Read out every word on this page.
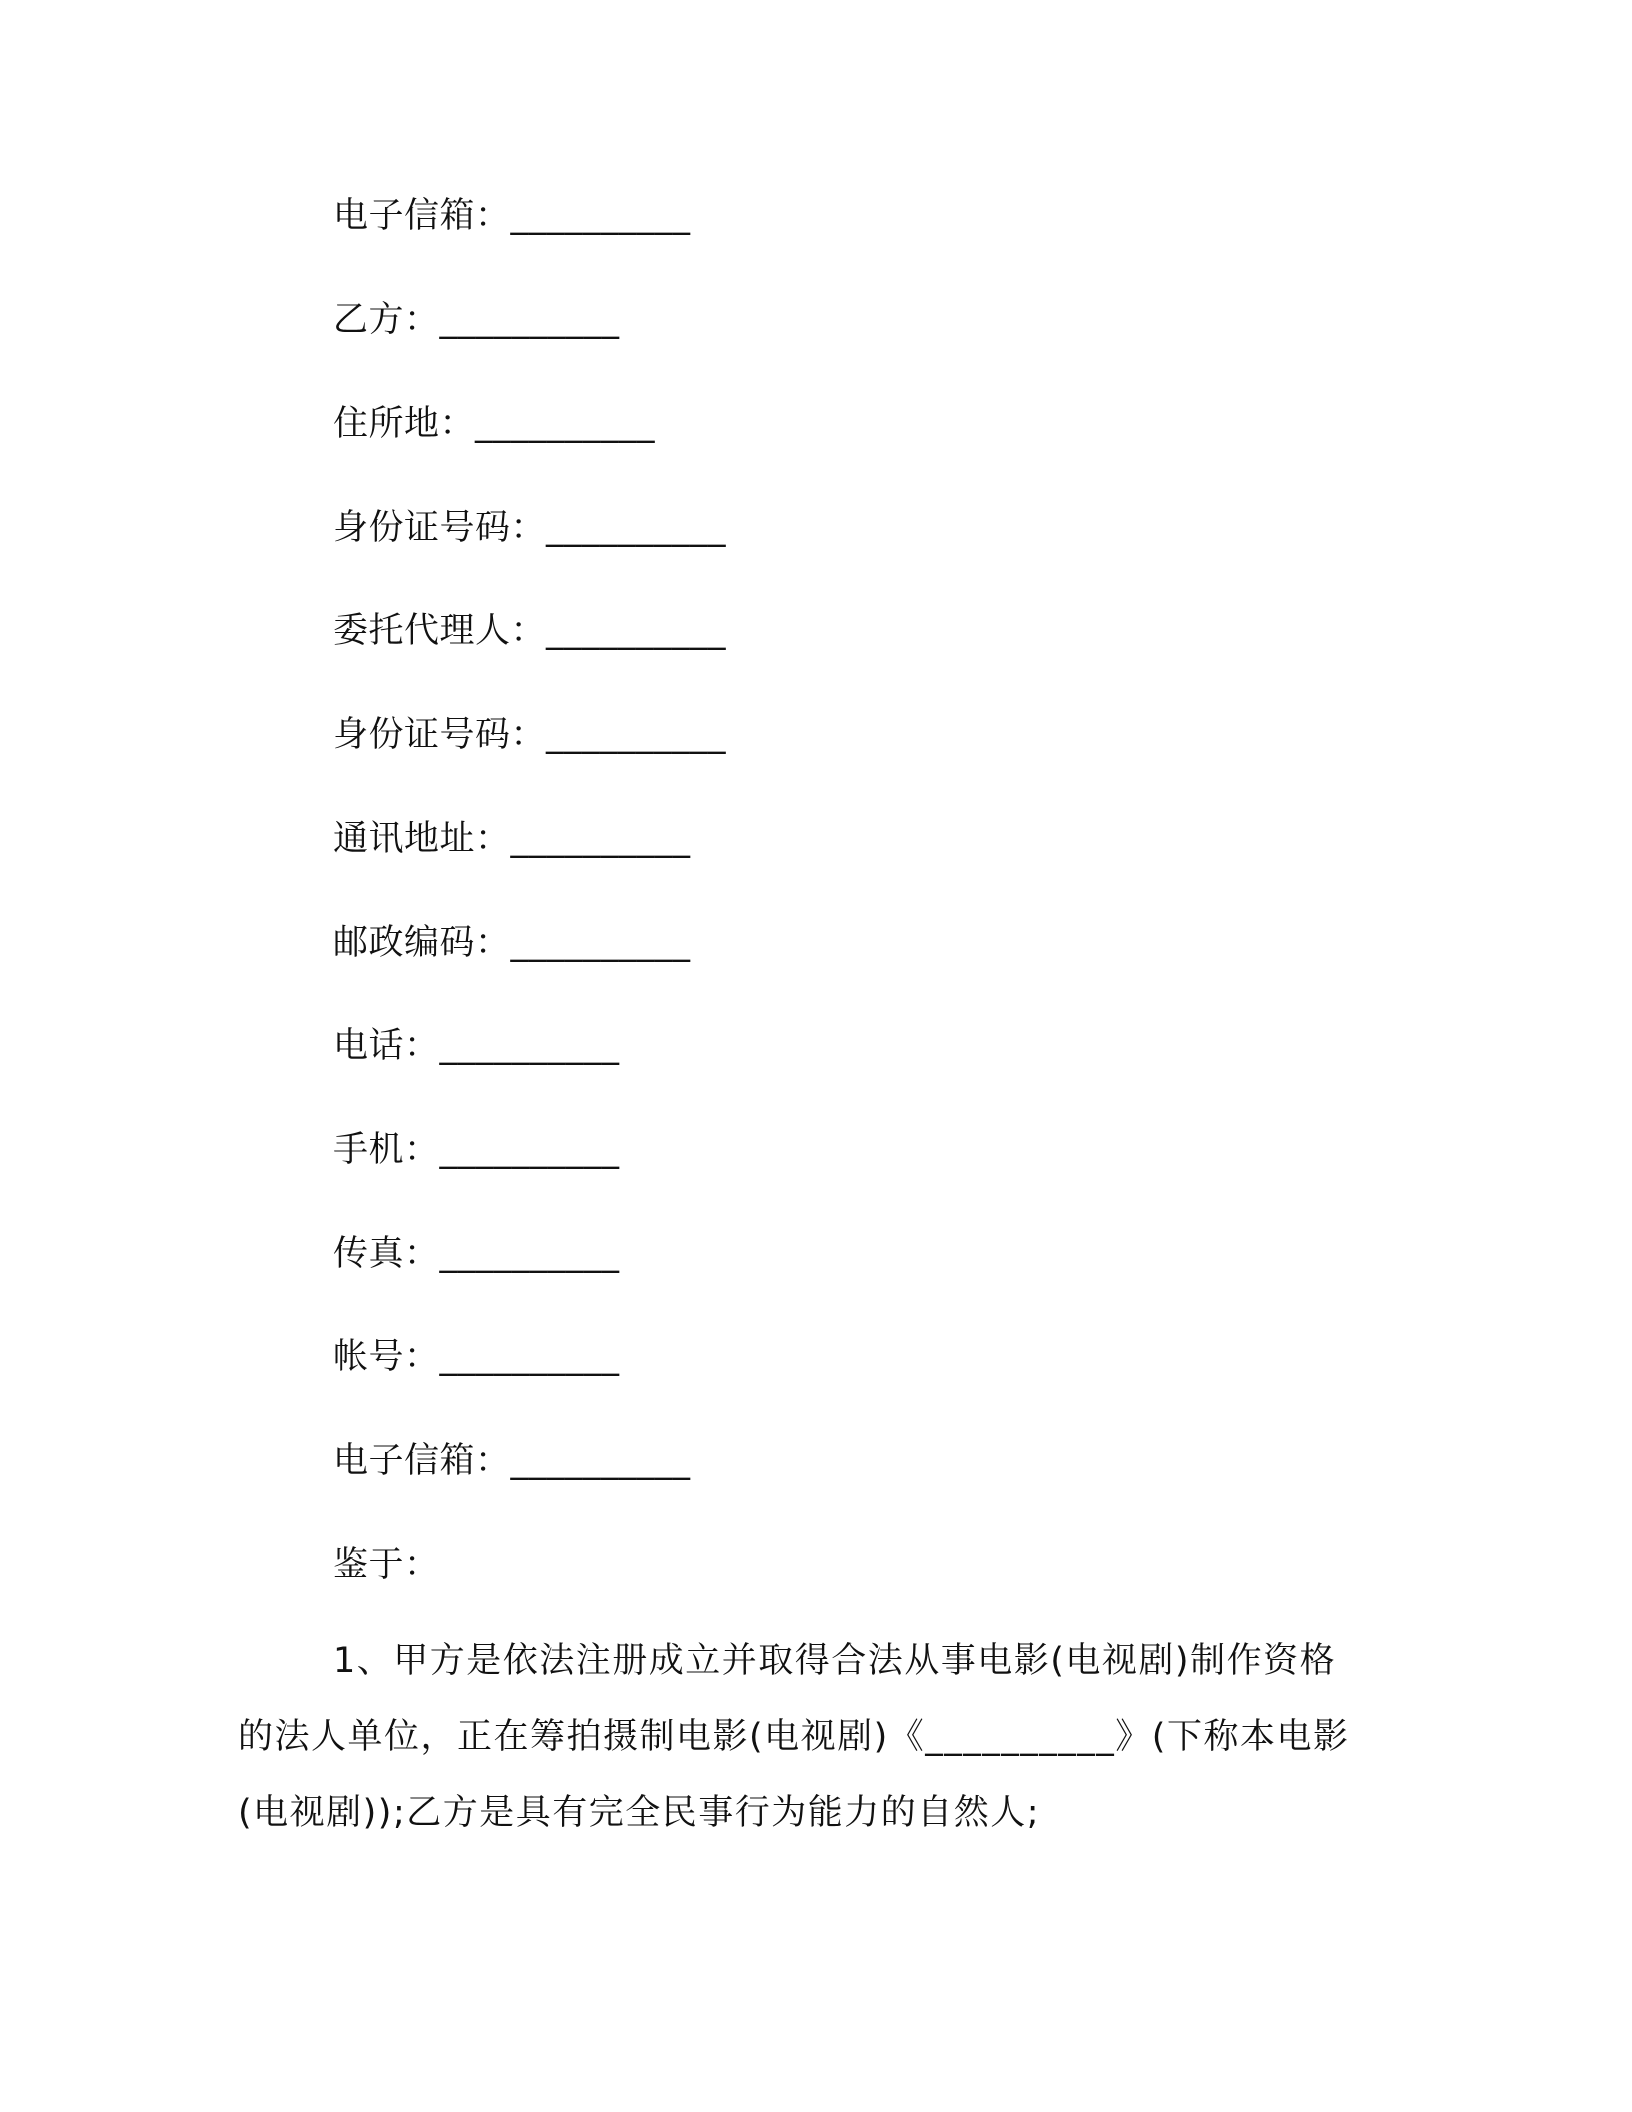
电子信箱：__________
乙方：__________
住所地：__________
身份证号码：__________
委托代理人：__________
身份证号码：__________
通讯地址：__________
邮政编码：__________
电话：__________
手机：__________
传真：__________
帐号：__________
电子信箱：__________
鉴于：
1、甲方是依法注册成立并取得合法从事电影(电视剧)制作资格
的法人单位，正在筹拍摄制电影(电视剧)《__________》(下称本电影
(电视剧));乙方是具有完全民事行为能力的自然人;
